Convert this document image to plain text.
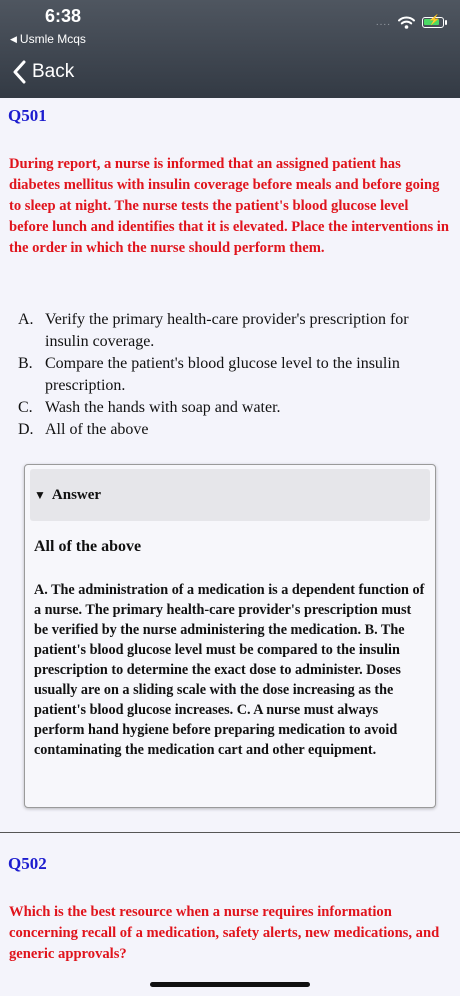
6:38
◀ Usmle Mcqs
....	⚡
Back
Q501

During report, a nurse is informed that an assigned patient has diabetes mellitus with insulin coverage before meals and before going to sleep at night. The nurse tests the patient's blood glucose level before lunch and identifies that it is elevated. Place the interventions in the order in which the nurse should perform them.

A. Verify the primary health-care provider's prescription for insulin coverage.
B. Compare the patient's blood glucose level to the insulin prescription.
C. Wash the hands with soap and water.
D. All of the above
▼ Answer
All of the above

A. The administration of a medication is a dependent function of a nurse. The primary health-care provider's prescription must be verified by the nurse administering the medication. B. The patient's blood glucose level must be compared to the insulin prescription to determine the exact dose to administer. Doses usually are on a sliding scale with the dose increasing as the patient's blood glucose increases. C. A nurse must always perform hand hygiene before preparing medication to avoid contaminating the medication cart and other equipment.

Q502

Which is the best resource when a nurse requires information concerning recall of a medication, safety alerts, new medications, and generic approvals?
